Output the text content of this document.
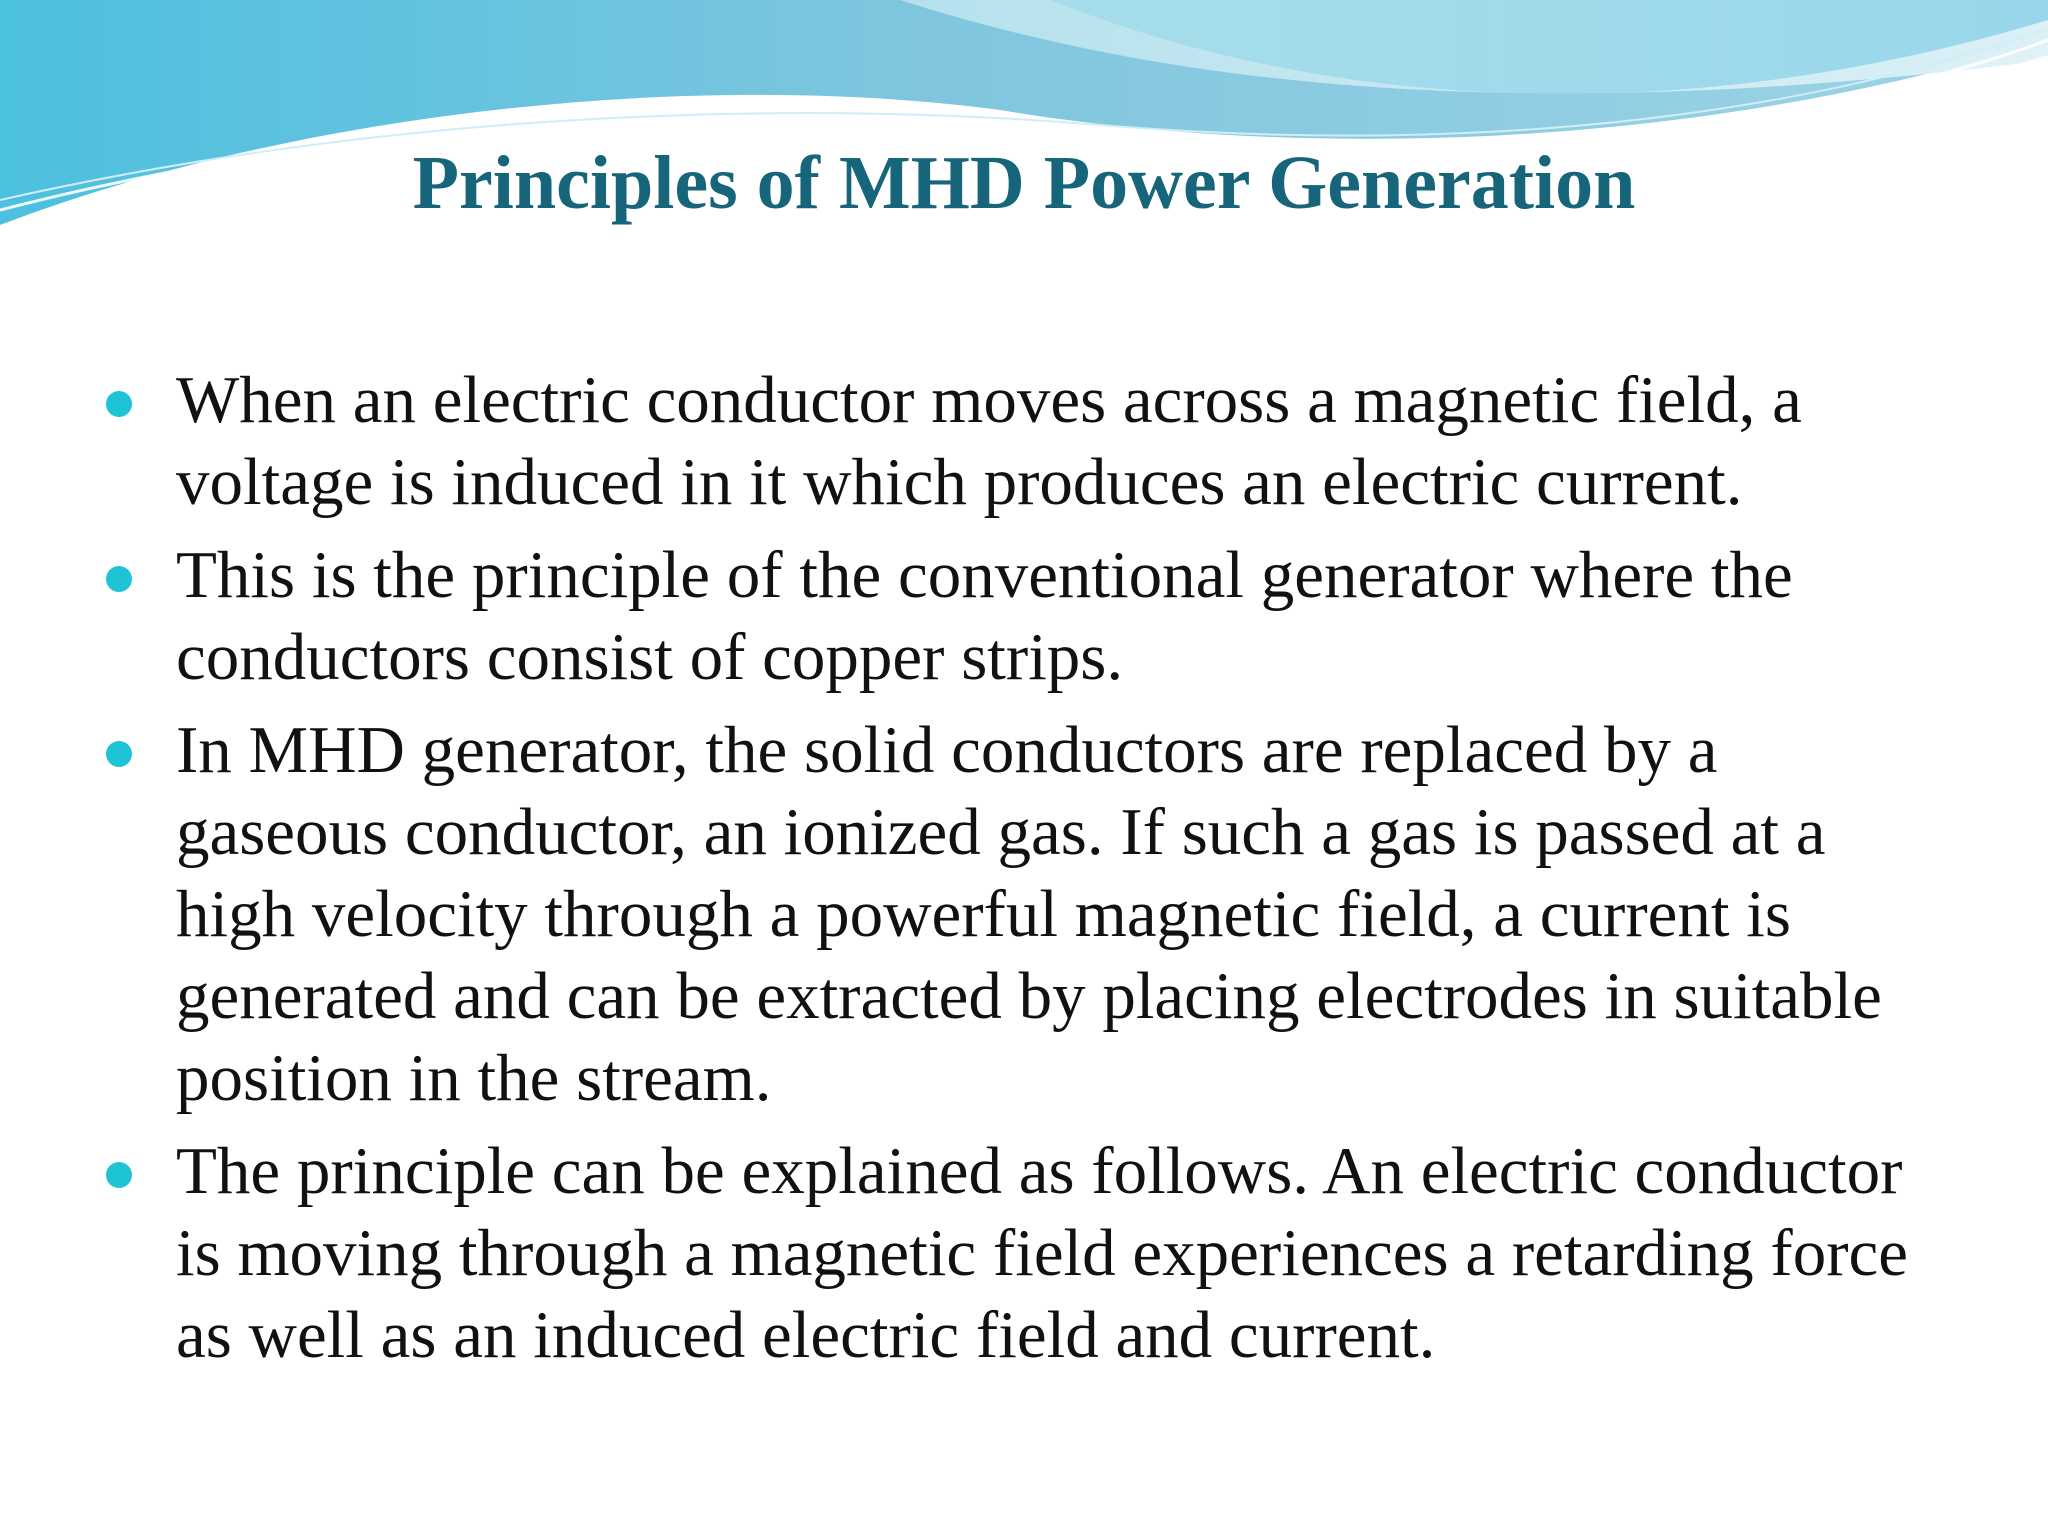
Principles of MHD Power Generation
When an electric conductor moves across a magnetic field, a
voltage is induced in it which produces an electric current.
This is the principle of the conventional generator where the
conductors consist of copper strips.
In MHD generator, the solid conductors are replaced by a
gaseous conductor, an ionized gas. If such a gas is passed at a
high velocity through a powerful magnetic field, a current is
generated and can be extracted by placing electrodes in suitable
position in the stream.
The principle can be explained as follows. An electric conductor
is moving through a magnetic field experiences a retarding force
as well as an induced electric field and current.
